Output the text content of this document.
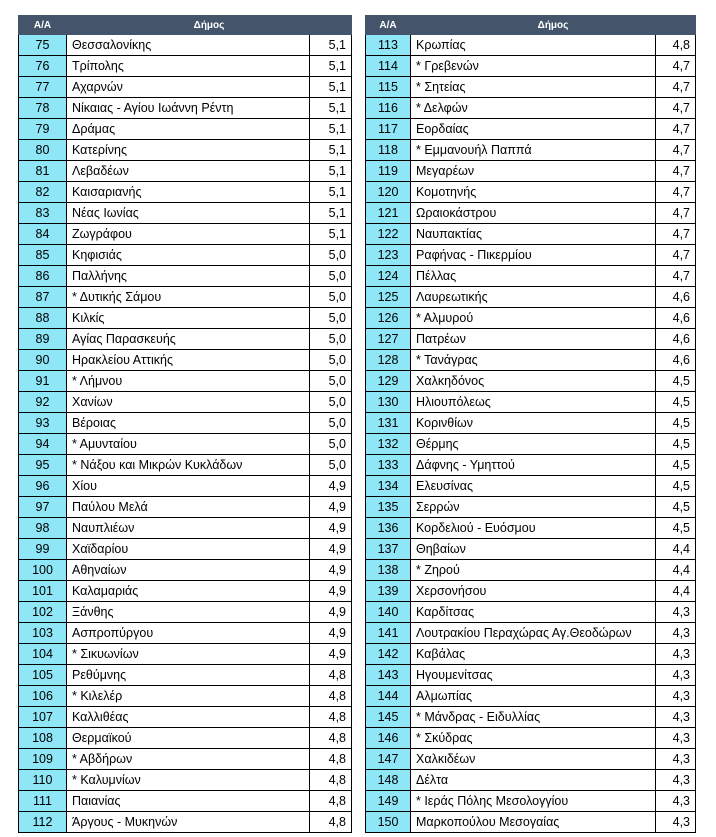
Α/Α	Δήμος	
75	Θεσσαλονίκης	5,1
76	Τρίπολης	5,1
77	Αχαρνών	5,1
78	Νίκαιας - Αγίου Ιωάννη Ρέντη	5,1
79	Δράμας	5,1
80	Κατερίνης	5,1
81	Λεβαδέων	5,1
82	Καισαριανής	5,1
83	Νέας Ιωνίας	5,1
84	Ζωγράφου	5,1
85	Κηφισιάς	5,0
86	Παλλήνης	5,0
87	* Δυτικής Σάμου	5,0
88	Κιλκίς	5,0
89	Αγίας Παρασκευής	5,0
90	Ηρακλείου Αττικής	5,0
91	* Λήμνου	5,0
92	Χανίων	5,0
93	Βέροιας	5,0
94	* Αμυνταίου	5,0
95	* Νάξου και Μικρών Κυκλάδων	5,0
96	Χίου	4,9
97	Παύλου Μελά	4,9
98	Ναυπλιέων	4,9
99	Χαϊδαρίου	4,9
100	Αθηναίων	4,9
101	Καλαμαριάς	4,9
102	Ξάνθης	4,9
103	Ασπροπύργου	4,9
104	* Σικυωνίων	4,9
105	Ρεθύμνης	4,8
106	* Κιλελέρ	4,8
107	Καλλιθέας	4,8
108	Θερμαϊκού	4,8
109	* Αβδήρων	4,8
110	* Καλυμνίων	4,8
111	Παιανίας	4,8
112	Άργους - Μυκηνών	4,8
Α/Α	Δήμος	
113	Κρωπίας	4,8
114	* Γρεβενών	4,7
115	* Σητείας	4,7
116	* Δελφών	4,7
117	Εορδαίας	4,7
118	* Εμμανουήλ Παππά	4,7
119	Μεγαρέων	4,7
120	Κομοτηνής	4,7
121	Ωραιοκάστρου	4,7
122	Ναυπακτίας	4,7
123	Ραφήνας - Πικερμίου	4,7
124	Πέλλας	4,7
125	Λαυρεωτικής	4,6
126	* Αλμυρού	4,6
127	Πατρέων	4,6
128	* Τανάγρας	4,6
129	Χαλκηδόνος	4,5
130	Ηλιουπόλεως	4,5
131	Κορινθίων	4,5
132	Θέρμης	4,5
133	Δάφνης - Υμηττού	4,5
134	Ελευσίνας	4,5
135	Σερρών	4,5
136	Κορδελιού - Ευόσμου	4,5
137	Θηβαίων	4,4
138	* Ζηρού	4,4
139	Χερσονήσου	4,4
140	Καρδίτσας	4,3
141	Λουτρακίου Περαχώρας Αγ.Θεοδώρων	4,3
142	Καβάλας	4,3
143	Ηγουμενίτσας	4,3
144	Αλμωπίας	4,3
145	* Μάνδρας - Ειδυλλίας	4,3
146	* Σκύδρας	4,3
147	Χαλκιδέων	4,3
148	Δέλτα	4,3
149	* Ιεράς Πόλης Μεσολογγίου	4,3
150	Μαρκοπούλου Μεσογαίας	4,3
